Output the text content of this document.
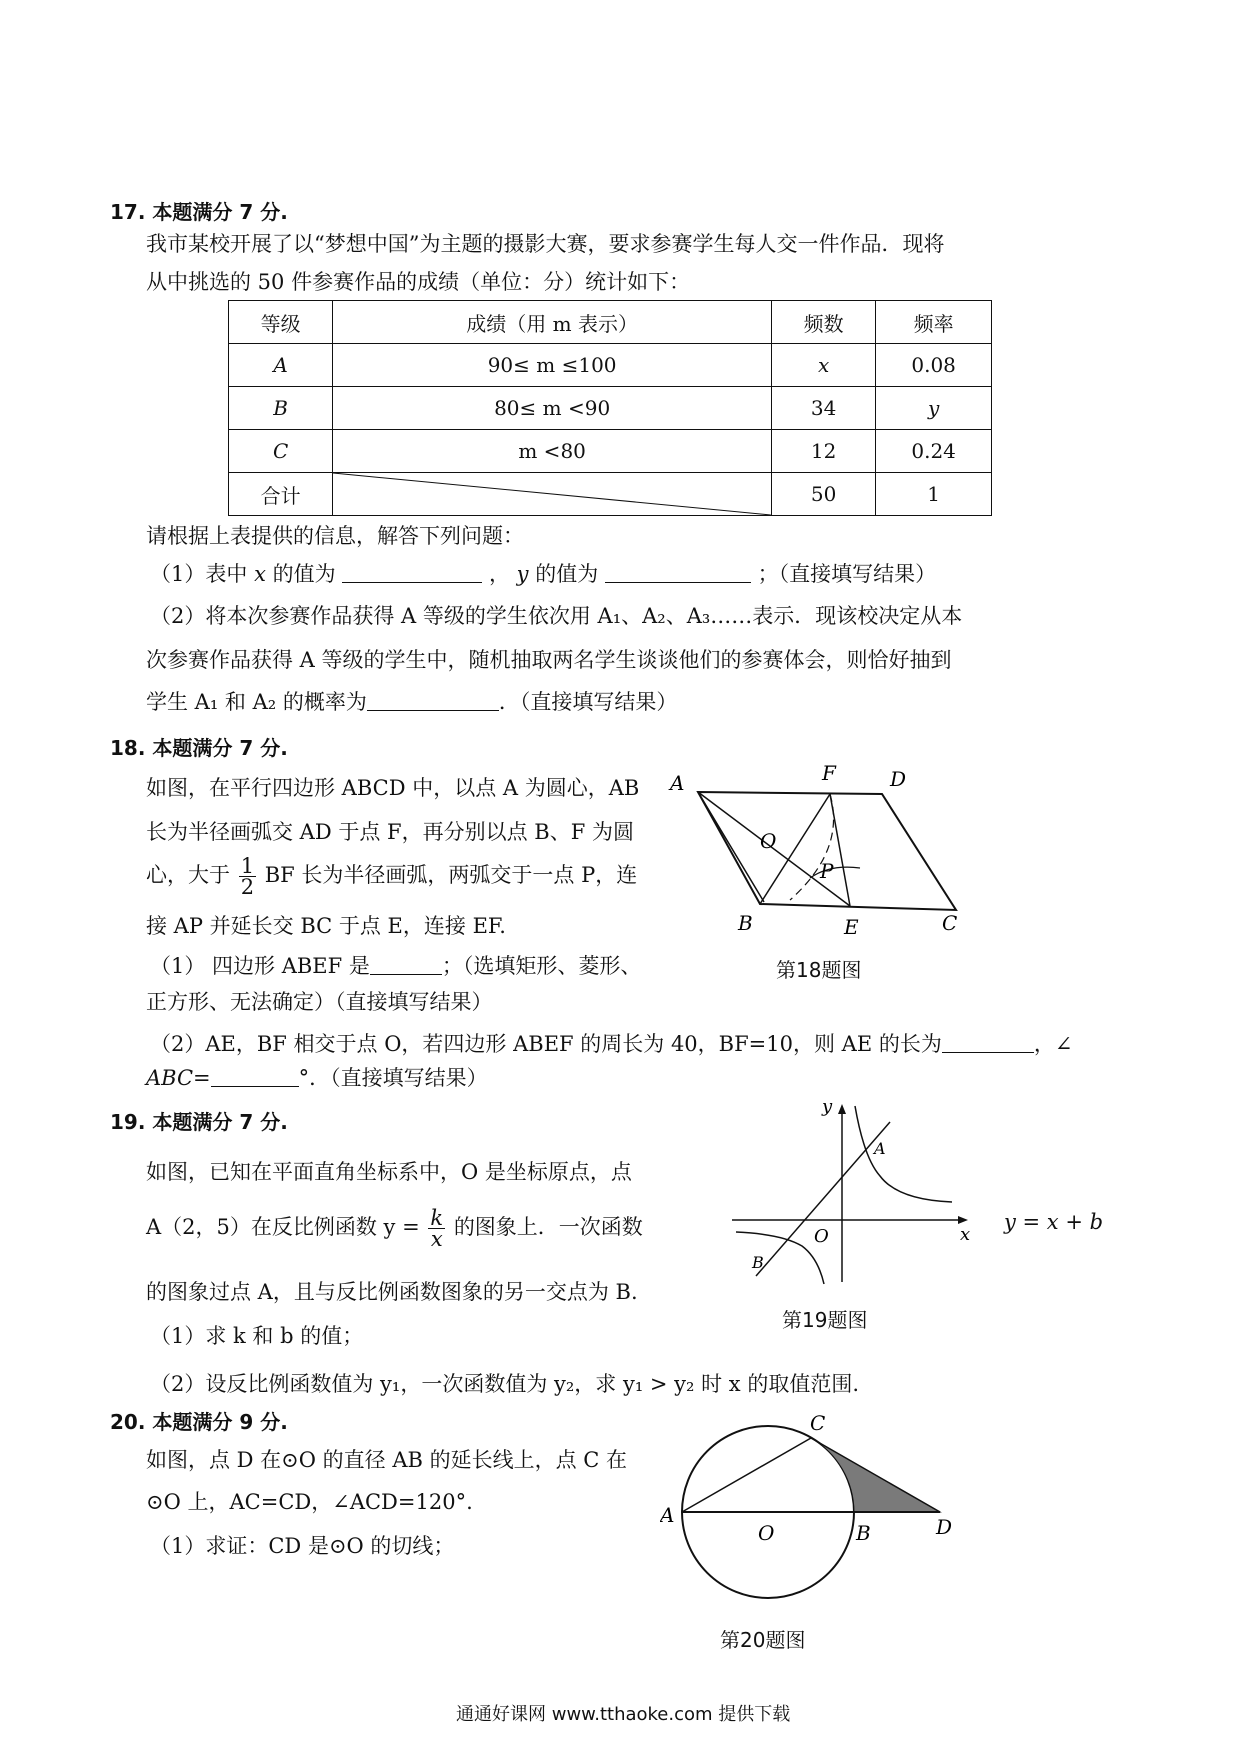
17. 本题满分 7 分.
我市某校开展了以“梦想中国”为主题的摄影大赛，要求参赛学生每人交一件作品．现将
从中挑选的 50 件参赛作品的成绩（单位：分）统计如下：
等级	成绩（用 m 表示）	频数	频率
A	90≤ m ≤100	x	0.08
B	80≤ m <90	34	y
C	m <80	12	0.24
合计		50	1
请根据上表提供的信息，解答下列问题：
（1）表中 x 的值为	， y 的值为	；（直接填写结果）
（2）将本次参赛作品获得 A 等级的学生依次用 A₁、A₂、A₃……表示．现该校决定从本
次参赛作品获得 A 等级的学生中，随机抽取两名学生谈谈他们的参赛体会，则恰好抽到
学生 A₁ 和 A₂ 的概率为	．（直接填写结果）
18. 本题满分 7 分.
如图，在平行四边形 ABCD 中，以点 A 为圆心，AB
长为半径画弧交 AD 于点 F，再分别以点 B、F 为圆
心，大于 $\frac{1}{2}$ BF 长为半径画弧，两弧交于一点 P，连
接 AP 并延长交 BC 于点 E，连接 EF.
（1） 四边形 ABEF 是	；（选填矩形、菱形、
正方形、无法确定）（直接填写结果）
（2）AE，BF 相交于点 O，若四边形 ABEF 的周长为 40，BF=10，则 AE 的长为	，∠
ABC=	°．（直接填写结果）
A	F	D
O
P
B	E	C
第18题图
19. 本题满分 7 分.
如图，已知在平面直角坐标系中，O 是坐标原点，点
A（2，5）在反比例函数 $y = \frac{k}{x}$ 的图象上．一次函数
的图象过点 A，且与反比例函数图象的另一交点为 B.
（1）求 k 和 b 的值；
（2）设反比例函数值为 y₁，一次函数值为 y₂，求 y₁ > y₂ 时 x 的取值范围.
y
x
O
A
B
y = x + b
第19题图
20. 本题满分 9 分.
如图，点 D 在⊙O 的直径 AB 的延长线上，点 C 在
⊙O 上，AC=CD，∠ACD=120°.
（1）求证：CD 是⊙O 的切线；
C
A
O	B	D
第20题图
通通好课网 www.tthaoke.com 提供下载
